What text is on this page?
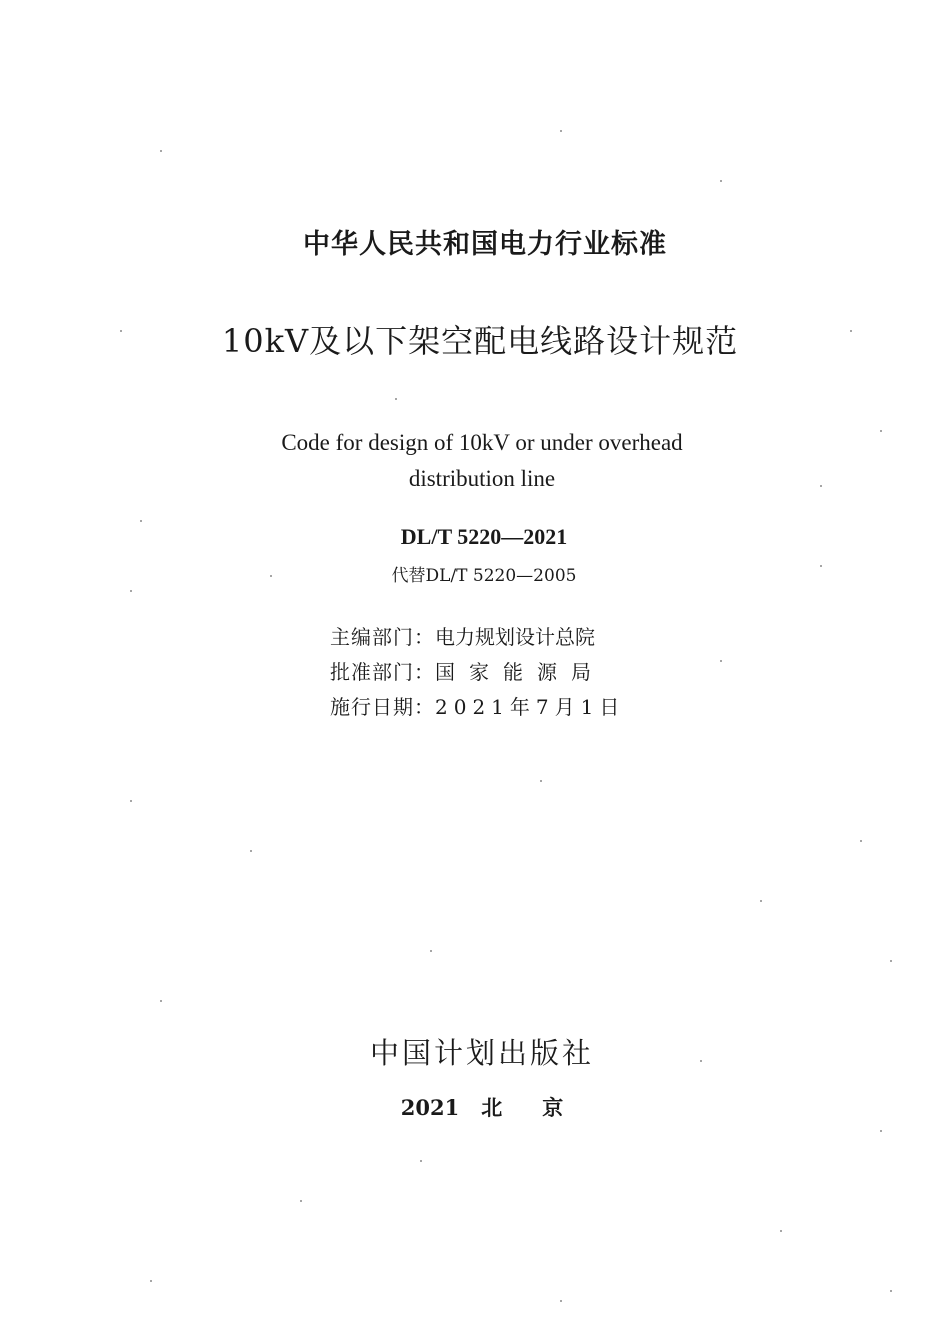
中华人民共和国电力行业标准
10kV及以下架空配电线路设计规范
Code for design of 10kV or under overhead
distribution line
DL/T 5220—2021
代替DL/T 5220—2005
主编部门：电力规划设计总院
批准部门：国家能源局
施行日期：2021年7月1日
中国计划出版社
2021 北 京
